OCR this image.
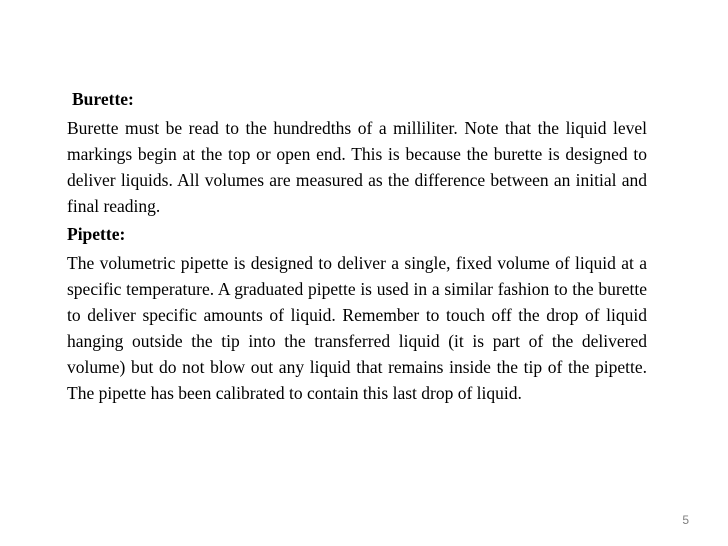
Burette:

Burette must be read to the hundredths of a milliliter. Note that the liquid level markings begin at the top or open end. This is because the burette is designed to deliver liquids. All volumes are measured as the difference between an initial and final reading.

Pipette:

The volumetric pipette is designed to deliver a single, fixed volume of liquid at a specific temperature. A graduated pipette is used in a similar fashion to the burette to deliver specific amounts of liquid. Remember to touch off the drop of liquid hanging outside the tip into the transferred liquid (it is part of the delivered volume) but do not blow out any liquid that remains inside the tip of the pipette. The pipette has been calibrated to contain this last drop of liquid.

5
